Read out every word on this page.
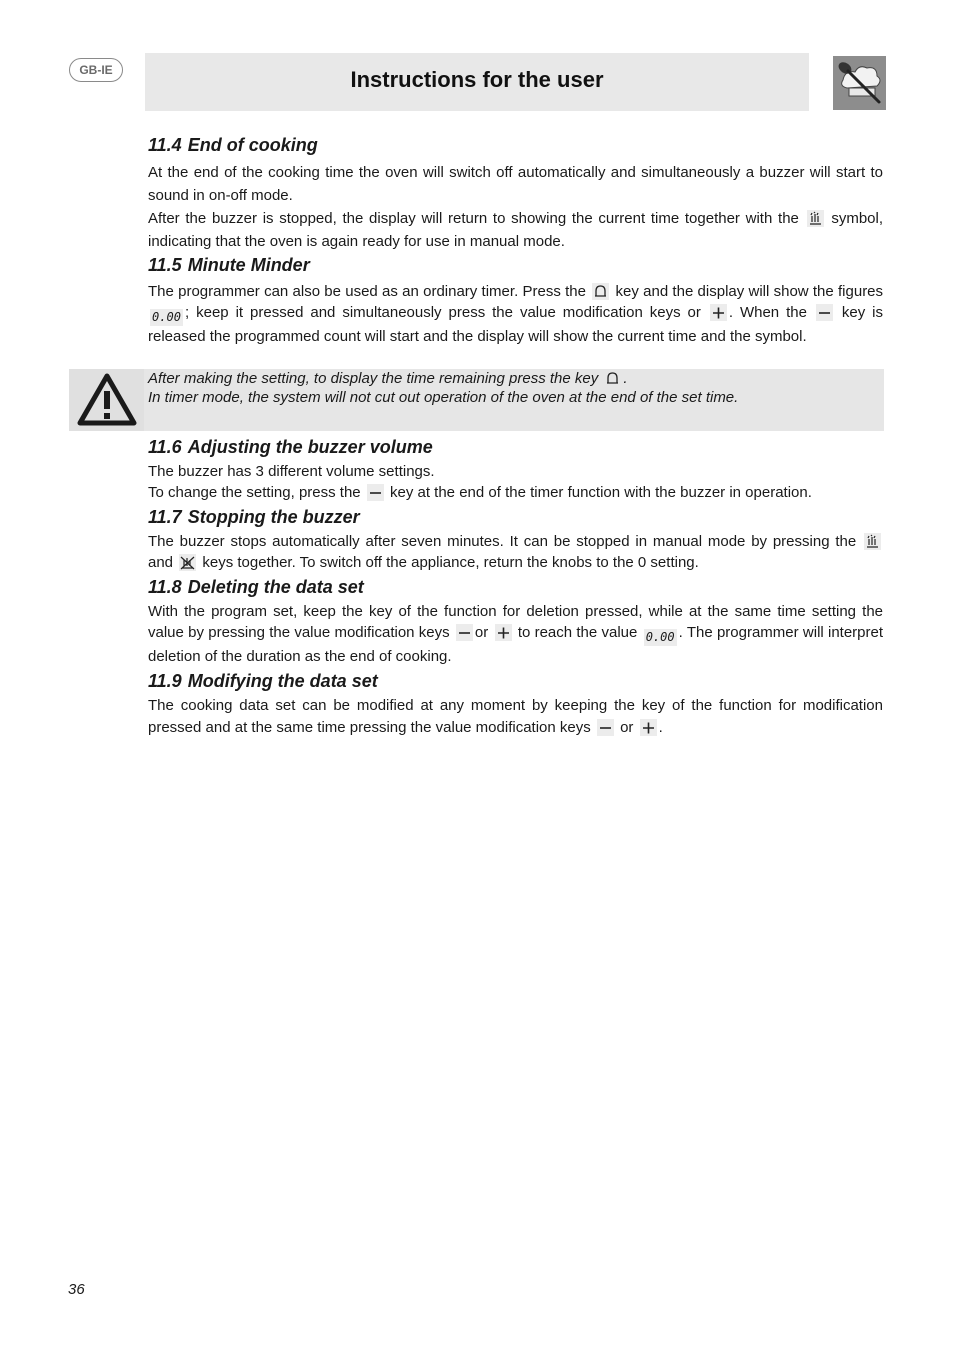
GB-IE	Instructions for the user
After making the setting, to display the time remaining press the key .
In timer mode, the system will not cut out operation of the oven at the end of the set time.
11.4 End of cooking

At the end of the cooking time the oven will switch off automatically and simultaneously a buzzer will start to sound in on-off mode.

After the buzzer is stopped, the display will return to showing the current time together with the symbol, indicating that the oven is again ready for use in manual mode.

11.5 Minute Minder

The programmer can also be used as an ordinary timer. Press the key and the display will show the figures 0.00 ; keep it pressed and simultaneously press the value modification keys or . When the key is released the programmed count will start and the display will show the current time and the symbol.

11.6 Adjusting the buzzer volume

The buzzer has 3 different volume settings.

To change the setting, press the key at the end of the timer function with the buzzer in operation.

11.7 Stopping the buzzer

The buzzer stops automatically after seven minutes. It can be stopped in manual mode by pressing the
and keys together. To switch off the appliance, return the knobs to the 0 setting.

11.8 Deleting the data set

With the program set, keep the key of the function for deletion pressed, while at the same time setting the value by pressing the value modification keys or to reach the value 0.00 . The programmer will interpret deletion of the duration as the end of cooking.

11.9 Modifying the data set

The cooking data set can be modified at any moment by keeping the key of the function for modification pressed and at the same time pressing the value modification keys or .

36
